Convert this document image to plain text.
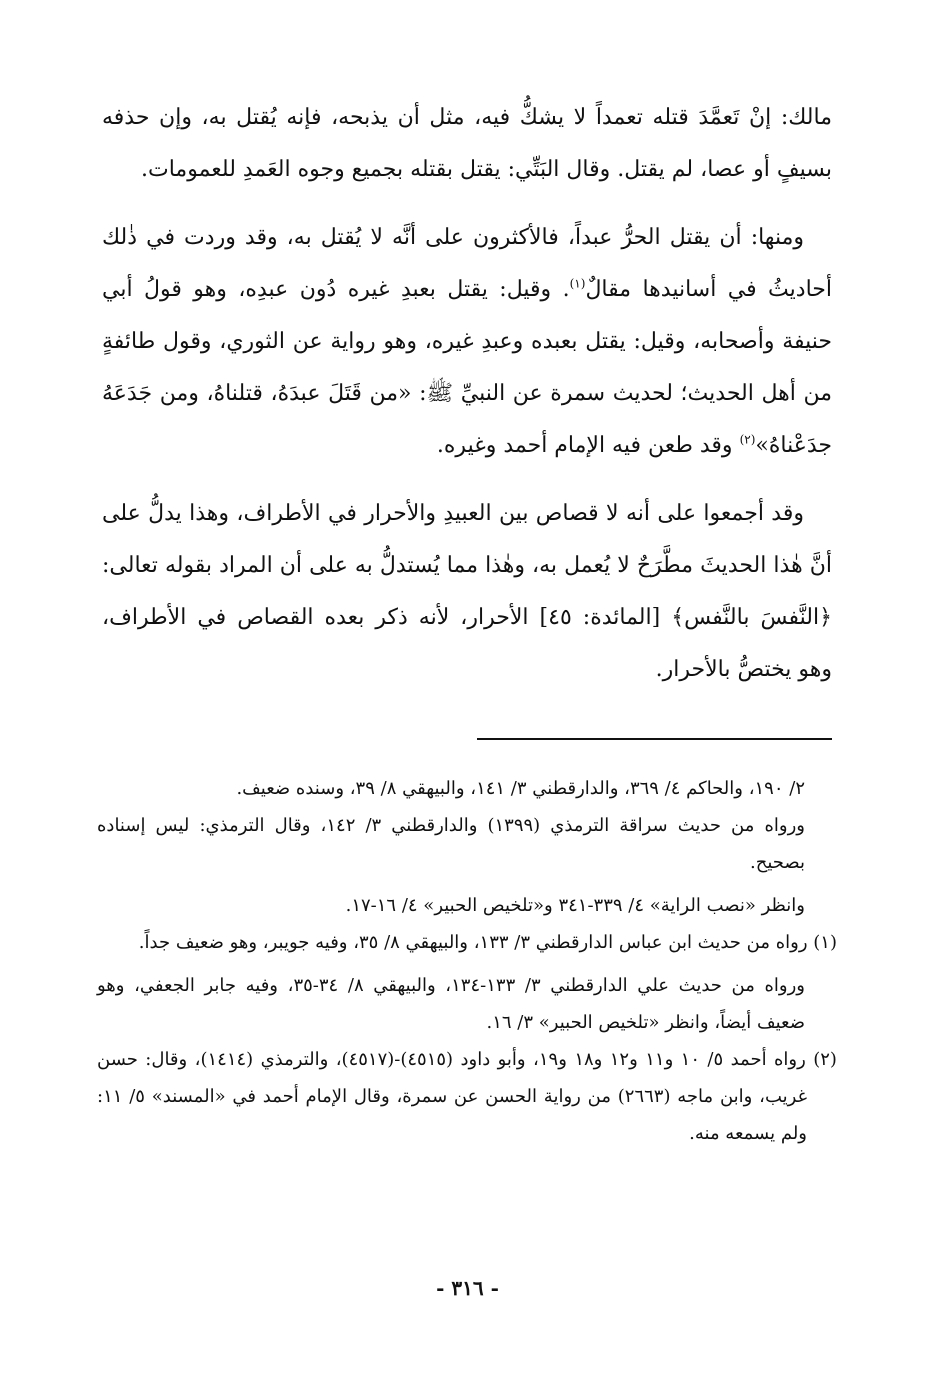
مالك: إنْ تَعمَّدَ قتله تعمداً لا يشكُّ فيه، مثل أن يذبحه، فإنه يُقتل به، وإن حذفه بسيفٍ أو عصا، لم يقتل. وقال البَتِّي: يقتل بقتله بجميع وجوه العَمدِ للعمومات.

ومنها: أن يقتل الحرُّ عبداً، فالأكثرون على أنَّه لا يُقتل به، وقد وردت في ذٰلك أحاديثُ في أسانيدها مقالٌ$^{(١)}$. وقيل: يقتل بعبدِ غيره دُون عبدِه، وهو قولُ أبي حنيفة وأصحابه، وقيل: يقتل بعبده وعبدِ غيره، وهو رواية عن الثوري، وقول طائفةٍ من أهل الحديث؛ لحديث سمرة عن النبيِّ ﷺ: «من قَتَلَ عبدَهُ، قتلناهُ، ومن جَدَعَهُ جدَعْناهُ»$^{(٢)}$ وقد طعن فيه الإمام أحمد وغيره.

وقد أجمعوا على أنه لا قصاص بين العبيدِ والأحرار في الأطراف، وهذا يدلُّ على أنَّ هٰذا الحديثَ مطَّرَحٌ لا يُعمل به، وهٰذا مما يُستدلُّ به على أن المراد بقوله تعالى: ﴿النَّفسَ بالنَّفس﴾ [المائدة: ٤٥] الأحرار، لأنه ذكر بعده القصاص في الأطراف، وهو يختصُّ بالأحرار.

٢/ ١٩٠، والحاكم ٤/ ٣٦٩، والدارقطني ٣/ ١٤١، والبيهقي ٨/ ٣٩، وسنده ضعيف.

ورواه من حديث سراقة الترمذي (١٣٩٩) والدارقطني ٣/ ١٤٢، وقال الترمذي: ليس إسناده بصحيح.

وانظر «نصب الراية» ٤/ ٣٣٩-٣٤١ و«تلخيص الحبير» ٤/ ١٦-١٧.

(١) رواه من حديث ابن عباس الدارقطني ٣/ ١٣٣، والبيهقي ٨/ ٣٥، وفيه جويبر، وهو ضعيف جداً.

ورواه من حديث علي الدارقطني ٣/ ١٣٣-١٣٤، والبيهقي ٨/ ٣٤-٣٥، وفيه جابر الجعفي، وهو ضعيف أيضاً، وانظر «تلخيص الحبير» ٣/ ١٦.

(٢) رواه أحمد ٥/ ١٠ و١١ و١٢ و١٨ و١٩، وأبو داود (٤٥١٥)-(٤٥١٧)، والترمذي (١٤١٤)، وقال: حسن غريب، وابن ماجه (٢٦٦٣) من رواية الحسن عن سمرة، وقال الإمام أحمد في «المسند» ٥/ ١١: ولم يسمعه منه.

- ٣١٦ -
